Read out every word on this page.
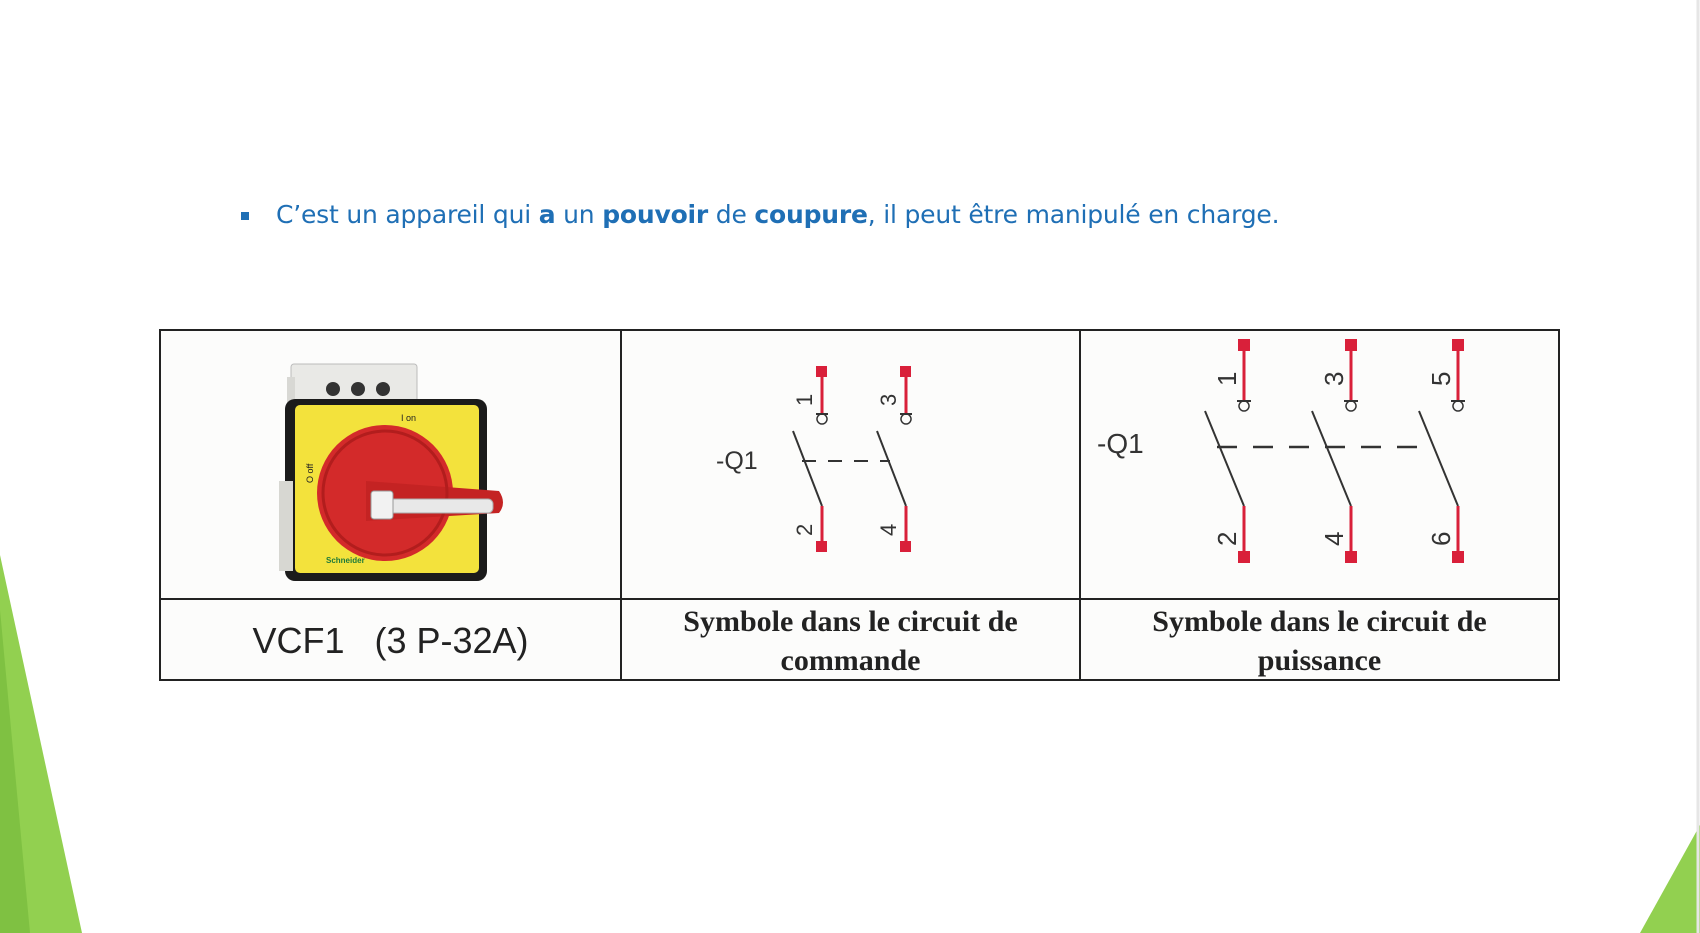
C’est un appareil qui a un pouvoir de coupure, il peut être manipulé en charge.
I on
O off
Schneider
-Q1
1
2
3
4
-Q1
1
2
3
4
5
6
VCF1   (3 P-32A)	Symbole dans le circuit de
commande
Symbole dans le circuit de
puissance
